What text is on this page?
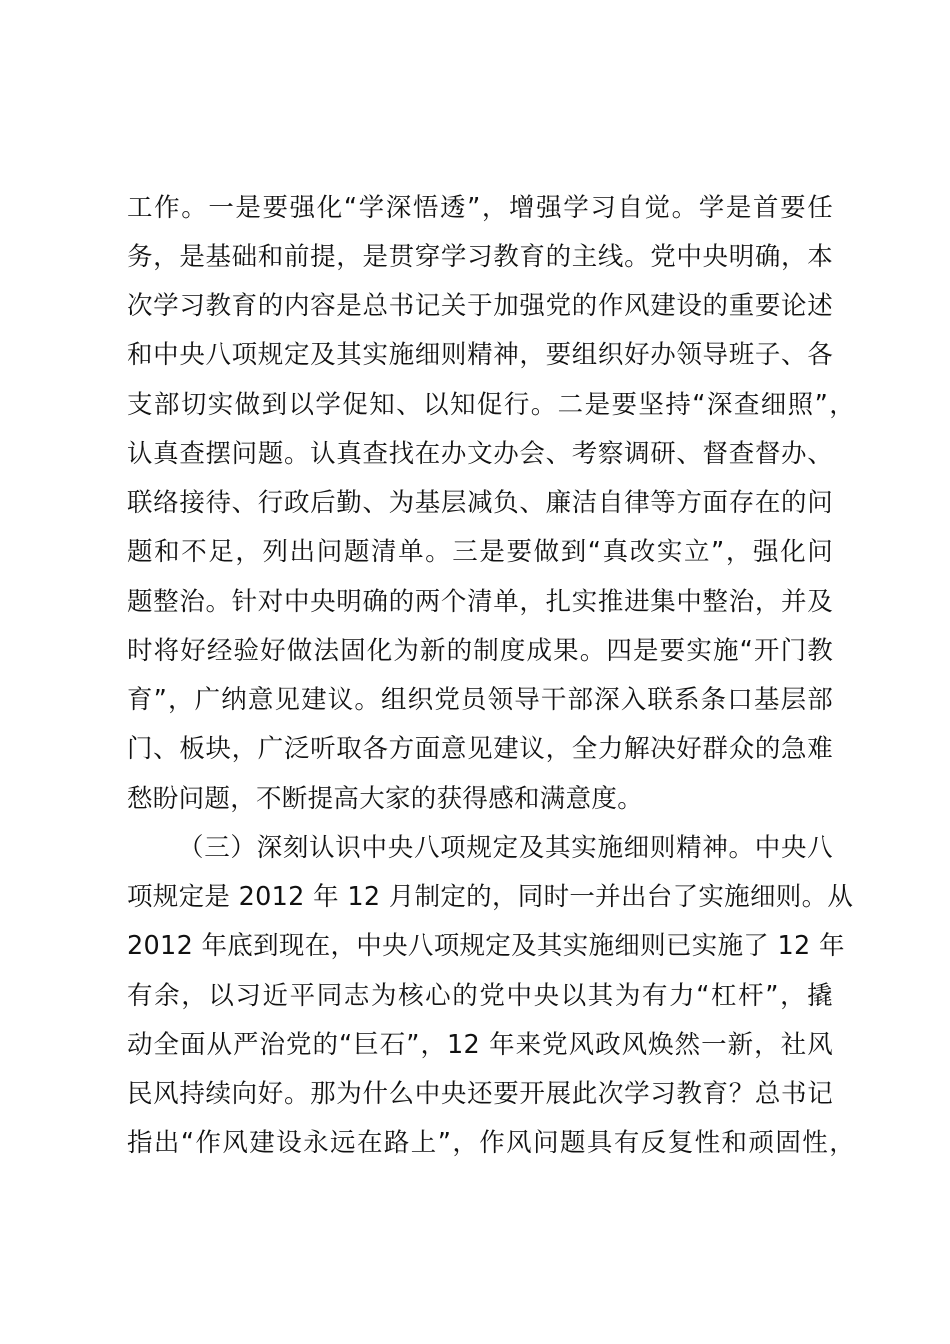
工作。一是要强化“学深悟透”，增强学习自觉。学是首要任
务，是基础和前提，是贯穿学习教育的主线。党中央明确，本
次学习教育的内容是总书记关于加强党的作风建设的重要论述
和中央八项规定及其实施细则精神，要组织好办领导班子、各
支部切实做到以学促知、以知促行。二是要坚持“深查细照”，
认真查摆问题。认真查找在办文办会、考察调研、督查督办、
联络接待、行政后勤、为基层减负、廉洁自律等方面存在的问
题和不足，列出问题清单。三是要做到“真改实立”，强化问
题整治。针对中央明确的两个清单，扎实推进集中整治，并及
时将好经验好做法固化为新的制度成果。四是要实施“开门教
育”，广纳意见建议。组织党员领导干部深入联系条口基层部
门、板块，广泛听取各方面意见建议，全力解决好群众的急难
愁盼问题，不断提高大家的获得感和满意度。
（三）深刻认识中央八项规定及其实施细则精神。中央八
项规定是 2012 年 12 月制定的，同时一并出台了实施细则。从
2012 年底到现在，中央八项规定及其实施细则已实施了 12 年
有余，以习近平同志为核心的党中央以其为有力“杠杆”，撬
动全面从严治党的“巨石”，12 年来党风政风焕然一新，社风
民风持续向好。那为什么中央还要开展此次学习教育？总书记
指出“作风建设永远在路上”，作风问题具有反复性和顽固性，
